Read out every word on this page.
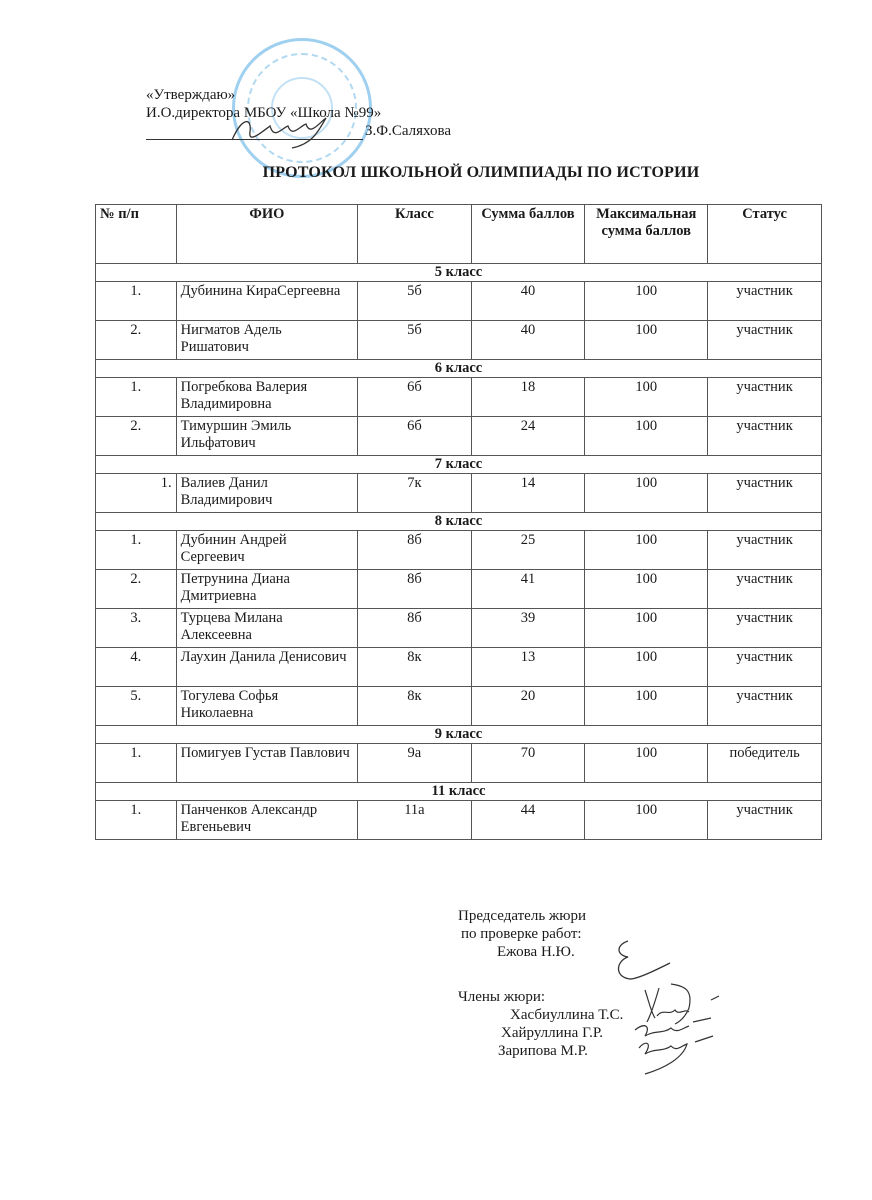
«Утверждаю»
И.О.директора МБОУ «Школа №99»
З.Ф.Саляхова
ПРОТОКОЛ ШКОЛЬНОЙ ОЛИМПИАДЫ ПО ИСТОРИИ
№ п/п	ФИО	Класс	Сумма баллов	Максимальная сумма баллов	Статус
5 класс					
1.	Дубинина КираСергеевна	5б	40	100	участник
2.	Нигматов Адель Ришатович	5б	40	100	участник
6 класс					
1.	Погребкова Валерия Владимировна	6б	18	100	участник
2.	Тимуршин Эмиль Ильфатович	6б	24	100	участник
7 класс					
1.	Валиев Данил Владимирович	7к	14	100	участник
8 класс					
1.	Дубинин Андрей Сергеевич	8б	25	100	участник
2.	Петрунина Диана Дмитриевна	8б	41	100	участник
3.	Турцева Милана Алексеевна	8б	39	100	участник
4.	Лаухин Данила Денисович	8к	13	100	участник
5.	Тогулева Софья Николаевна	8к	20	100	участник
9 класс					
1.	Помигуев Густав Павлович	9а	70	100	победитель
11 класс					
1.	Панченков Александр Евгеньевич	11а	44	100	участник
Председатель жюри
по проверке работ:
Ежова Н.Ю.
Члены жюри:
Хасбиуллина Т.С.
Хайруллина Г.Р.
Зарипова М.Р.
